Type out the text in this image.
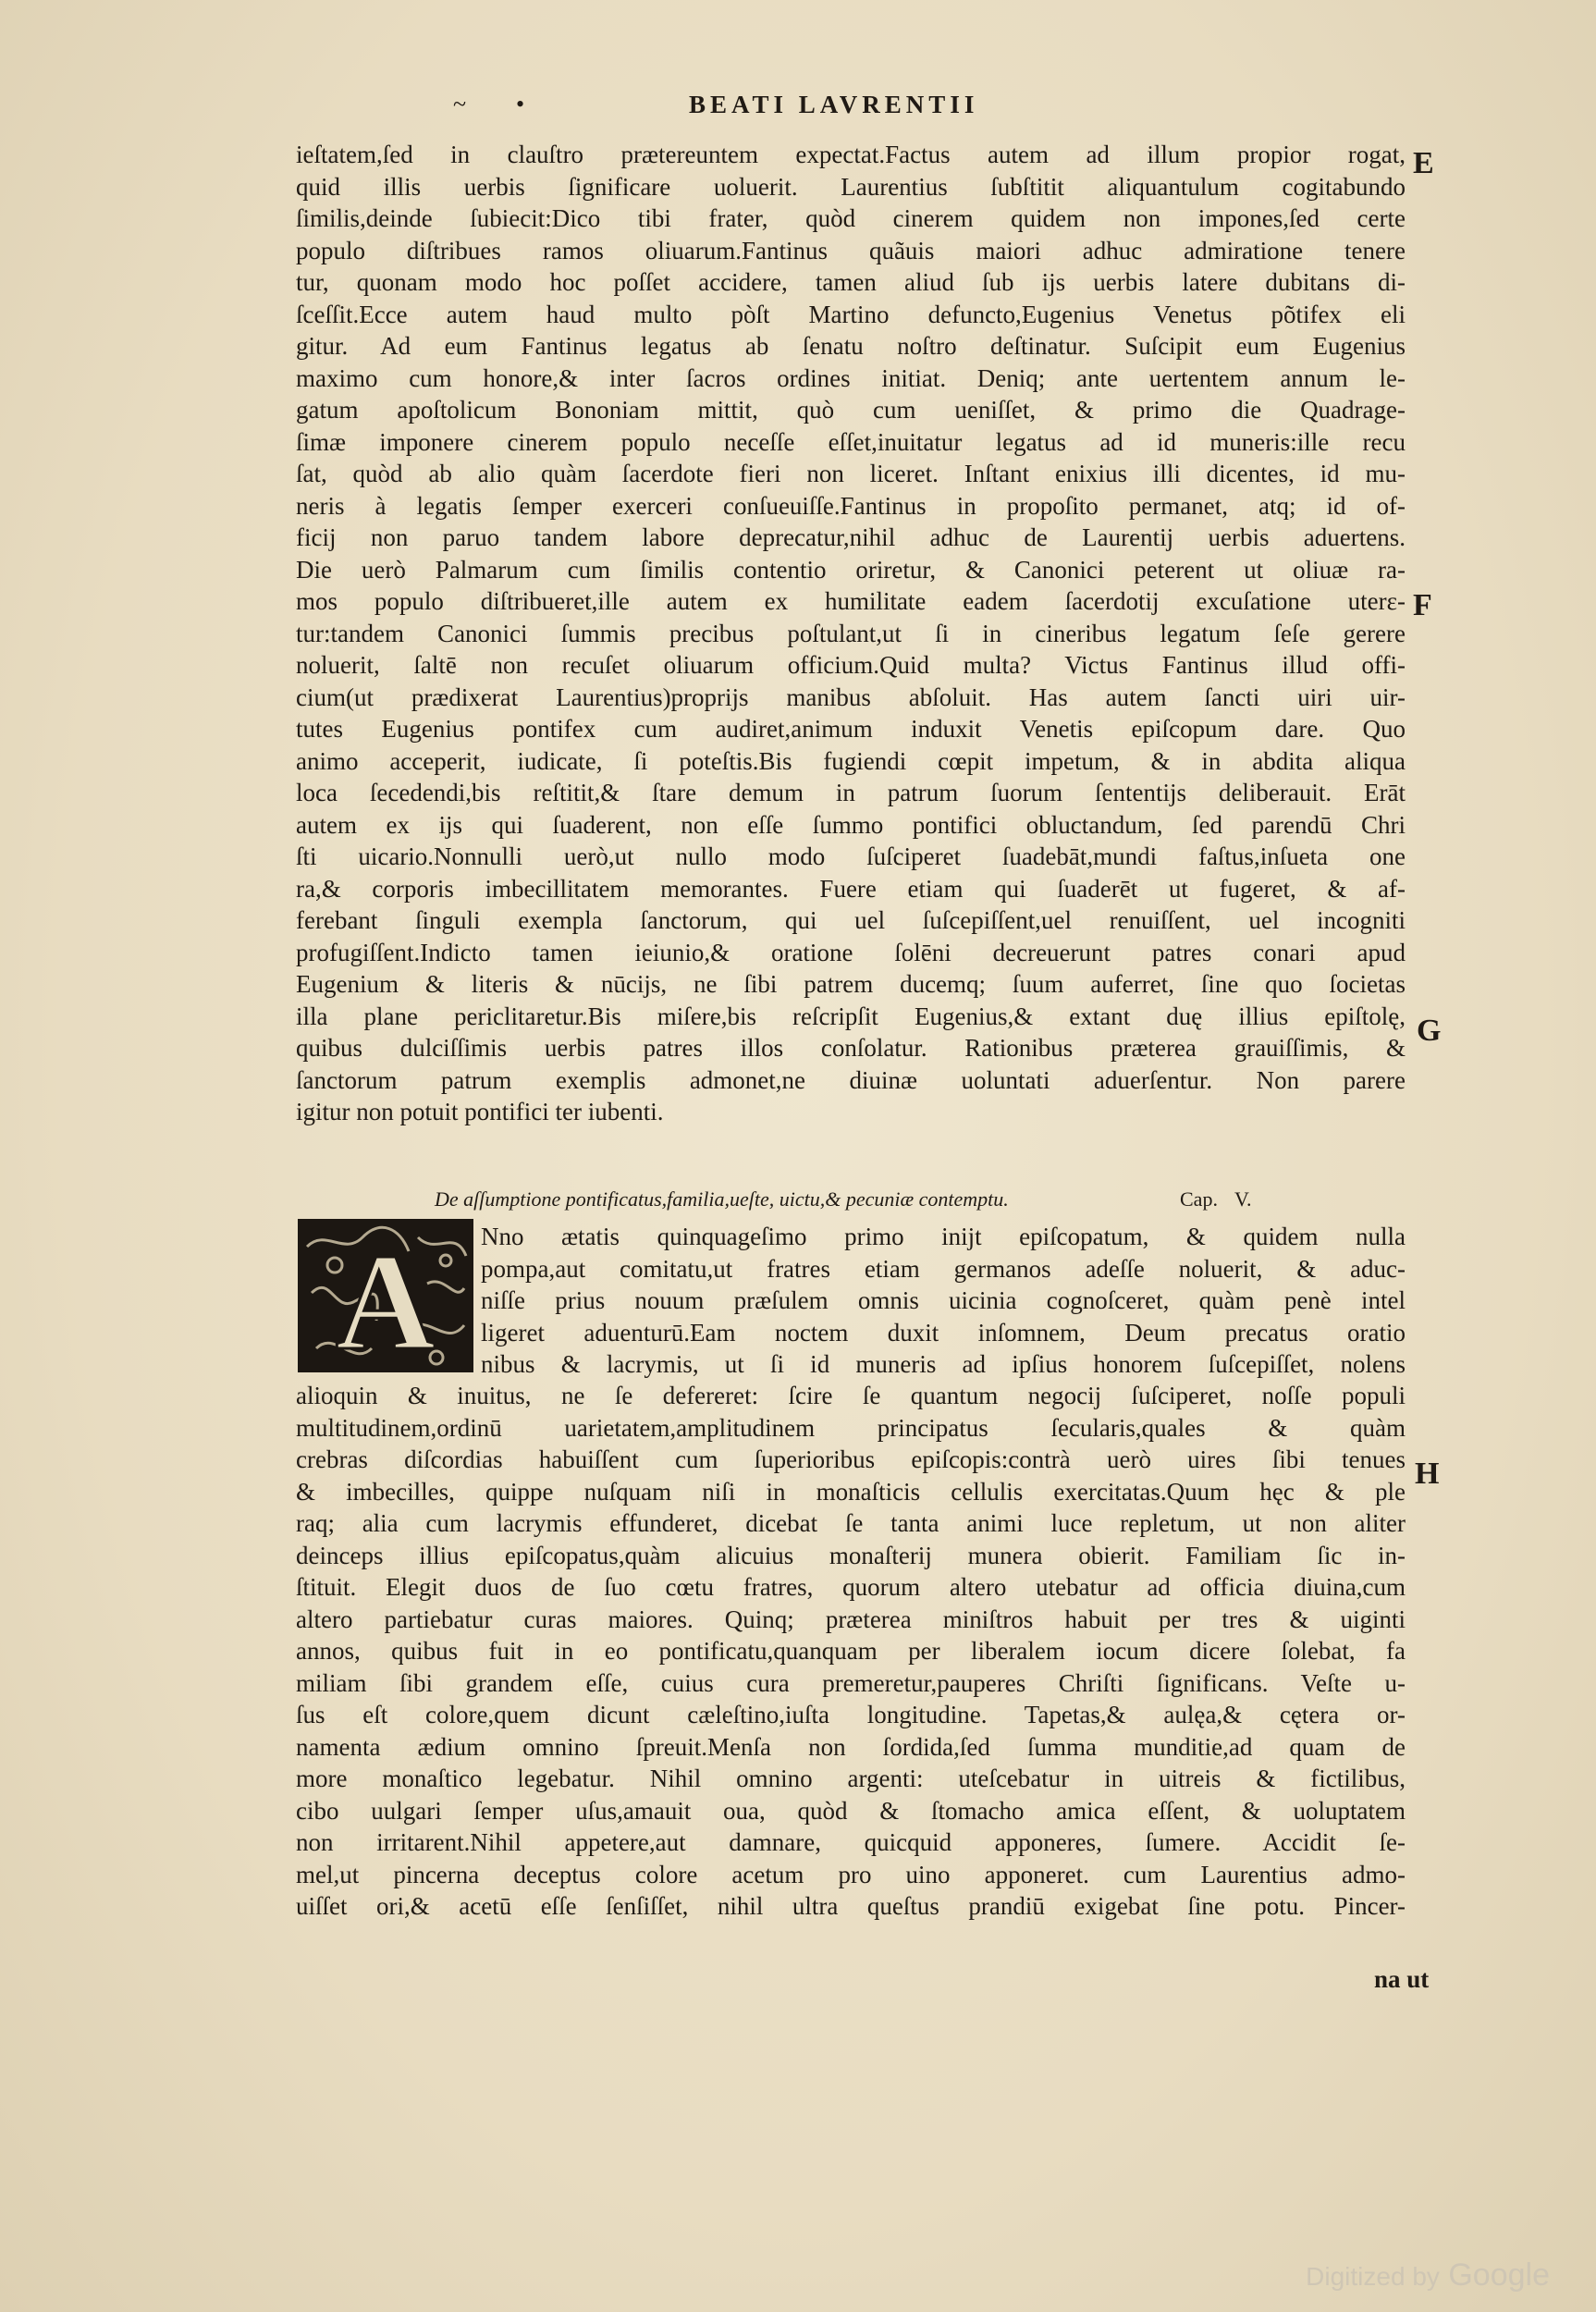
~ •	BEATI LAVRENTII
E
F
G
H
ieſtatem,ſed in clauſtro prætereuntem expectat.Factus autem ad illum propior rogat,
quid illis uerbis ſignificare uoluerit. Laurentius ſubſtitit aliquantulum cogitabundo
ſimilis,deinde ſubiecit:Dico tibi frater, quòd cinerem quidem non impones,ſed certe
populo diſtribues ramos oliuarum.Fantinus quãuis maiori adhuc admiratione tenere
tur, quonam modo hoc poſſet accidere, tamen aliud ſub ijs uerbis latere dubitans di-
ſceſſit.Ecce autem haud multo pòſt Martino defuncto,Eugenius Venetus põtifex eli
gitur. Ad eum Fantinus legatus ab ſenatu noſtro deſtinatur. Suſcipit eum Eugenius
maximo cum honore,& inter ſacros ordines initiat. Deniq; ante uertentem annum le-
gatum apoſtolicum Bononiam mittit, quò cum ueniſſet, & primo die Quadrage-
ſimæ imponere cinerem populo neceſſe eſſet,inuitatur legatus ad id muneris:ille recu
ſat, quòd ab alio quàm ſacerdote fieri non liceret. Inſtant enixius illi dicentes, id mu-
neris à legatis ſemper exerceri conſueuiſſe.Fantinus in propoſito permanet, atq; id of-
ficij non paruo tandem labore deprecatur,nihil adhuc de Laurentij uerbis aduertens.
Die uerò Palmarum cum ſimilis contentio oriretur, & Canonici peterent ut oliuæ ra-
mos populo diſtribueret,ille autem ex humilitate eadem ſacerdotij excuſatione uterε-
tur:tandem Canonici ſummis precibus poſtulant,ut ſi in cineribus legatum ſeſe gerere
noluerit, ſaltē non recuſet oliuarum officium.Quid multa? Victus Fantinus illud offi-
cium(ut prædixerat Laurentius)proprijs manibus abſoluit. Has autem ſancti uiri uir-
tutes Eugenius pontifex cum audiret,animum induxit Venetis epiſcopum dare. Quo
animo acceperit, iudicate, ſi poteſtis.Bis fugiendi cœpit impetum, & in abdita aliqua
loca ſecedendi,bis reſtitit,& ſtare demum in patrum ſuorum ſententijs deliberauit. Erāt
autem ex ijs qui ſuaderent, non eſſe ſummo pontifici obluctandum, ſed parendū Chri
ſti uicario.Nonnulli uerò,ut nullo modo ſuſciperet ſuadebāt,mundi faſtus,inſueta one
ra,& corporis imbecillitatem memorantes. Fuere etiam qui ſuaderēt ut fugeret, & af-
ferebant ſinguli exempla ſanctorum, qui uel ſuſcepiſſent,uel renuiſſent, uel incogniti
profugiſſent.Indicto tamen ieiunio,& oratione ſolēni decreuerunt patres conari apud
Eugenium & literis & nūcijs, ne ſibi patrem ducemq; ſuum auferret, ſine quo ſocietas
illa plane periclitaretur.Bis miſere,bis reſcripſit Eugenius,& extant duę illius epiſtolę,
quibus dulciſſimis uerbis patres illos conſolatur. Rationibus præterea grauiſſimis, &
ſanctorum patrum exemplis admonet,ne diuinæ uoluntati aduerſentur. Non parere
igitur non potuit pontifici ter iubenti.
De aſſumptione pontificatus,familia,ueſte, uictu,& pecuniæ contemptu.	Cap. V.
A Nno ætatis quinquageſimo primo inijt epiſcopatum, & quidem nulla
pompa,aut comitatu,ut fratres etiam germanos adeſſe noluerit, & aduc-
niſſe prius nouum præſulem omnis uicinia cognoſceret, quàm penè intel
ligeret aduenturū.Eam noctem duxit inſomnem, Deum precatus oratio
nibus & lacrymis, ut ſi id muneris ad ipſius honorem ſuſcepiſſet, nolens
alioquin & inuitus, ne ſe defereret: ſcire ſe quantum negocij ſuſciperet, noſſe populi
multitudinem,ordinū uarietatem,amplitudinem principatus ſecularis,quales & quàm
crebras diſcordias habuiſſent cum ſuperioribus epiſcopis:contrà uerò uires ſibi tenues
& imbecilles, quippe nuſquam niſi in monaſticis cellulis exercitatas.Quum hęc & ple
raq; alia cum lacrymis effunderet, dicebat ſe tanta animi luce repletum, ut non aliter
deinceps illius epiſcopatus,quàm alicuius monaſterij munera obierit. Familiam ſic in-
ſtituit. Elegit duos de ſuo cœtu fratres, quorum altero utebatur ad officia diuina,cum
altero partiebatur curas maiores. Quinq; præterea miniſtros habuit per tres & uiginti
annos, quibus fuit in eo pontificatu,quanquam per liberalem iocum dicere ſolebat, fa
miliam ſibi grandem eſſe, cuius cura premeretur,pauperes Chriſti ſignificans. Veſte u-
ſus eſt colore,quem dicunt cæleſtino,iuſta longitudine. Tapetas,& aulęa,& cętera or-
namenta ædium omnino ſpreuit.Menſa non ſordida,ſed ſumma munditie,ad quam de
more monaſtico legebatur. Nihil omnino argenti: uteſcebatur in uitreis & fictilibus,
cibo uulgari ſemper uſus,amauit oua, quòd & ſtomacho amica eſſent, & uoluptatem
non irritarent.Nihil appetere,aut damnare, quicquid apponeres, ſumere. Accidit ſe-
mel,ut pincerna deceptus colore acetum pro uino apponeret. cum Laurentius admo-
uiſſet ori,& acetū eſſe ſenſiſſet, nihil ultra queſtus prandiū exigebat ſine potu. Pincer-
na ut
Digitized by Google
